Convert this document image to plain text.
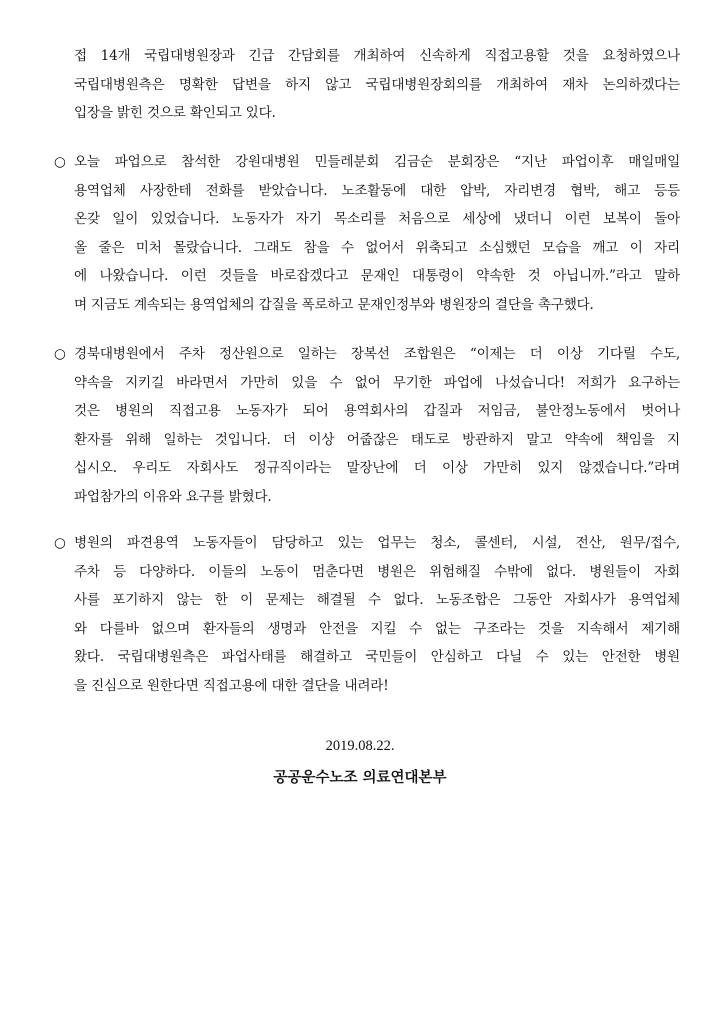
접 14개 국립대병원장과 긴급 간담회를 개최하여 신속하게 직접고용할 것을 요청하였으나
국립대병원측은 명확한 답변을 하지 않고 국립대병원장회의를 개최하여 재차 논의하겠다는
입장을 밝힌 것으로 확인되고 있다.
○ 오늘 파업으로 참석한 강원대병원 민들레분회 김금순 분회장은 “지난 파업이후 매일매일
용역업체 사장한테 전화를 받았습니다. 노조활동에 대한 압박, 자리변경 협박, 해고 등등
온갖 일이 있었습니다. 노동자가 자기 목소리를 처음으로 세상에 냈더니 이런 보복이 돌아
올 줄은 미처 몰랐습니다. 그래도 참을 수 없어서 위축되고 소심했던 모습을 깨고 이 자리
에 나왔습니다. 이런 것들을 바로잡겠다고 문재인 대통령이 약속한 것 아닙니까.”라고 말하
며 지금도 계속되는 용역업체의 갑질을 폭로하고 문재인정부와 병원장의 결단을 촉구했다.
○ 경북대병원에서 주차 정산원으로 일하는 장복선 조합원은 “이제는 더 이상 기다릴 수도,
약속을 지키길 바라면서 가만히 있을 수 없어 무기한 파업에 나섰습니다! 저희가 요구하는
것은 병원의 직접고용 노동자가 되어 용역회사의 갑질과 저임금, 불안정노동에서 벗어나
환자를 위해 일하는 것입니다. 더 이상 어줍잖은 태도로 방관하지 말고 약속에 책임을 지
십시오. 우리도 자회사도 정규직이라는 말장난에 더 이상 가만히 있지 않겠습니다.”라며
파업참가의 이유와 요구를 밝혔다.
○ 병원의 파견용역 노동자들이 담당하고 있는 업무는 청소, 콜센터, 시설, 전산, 원무/접수,
주차 등 다양하다. 이들의 노동이 멈춘다면 병원은 위험해질 수밖에 없다. 병원들이 자회
사를 포기하지 않는 한 이 문제는 해결될 수 없다. 노동조합은 그동안 자회사가 용역업체
와 다를바 없으며 환자들의 생명과 안전을 지킬 수 없는 구조라는 것을 지속해서 제기해
왔다. 국립대병원측은 파업사태를 해결하고 국민들이 안심하고 다닐 수 있는 안전한 병원
을 진심으로 원한다면 직접고용에 대한 결단을 내려라!
2019.08.22.
공공운수노조 의료연대본부
